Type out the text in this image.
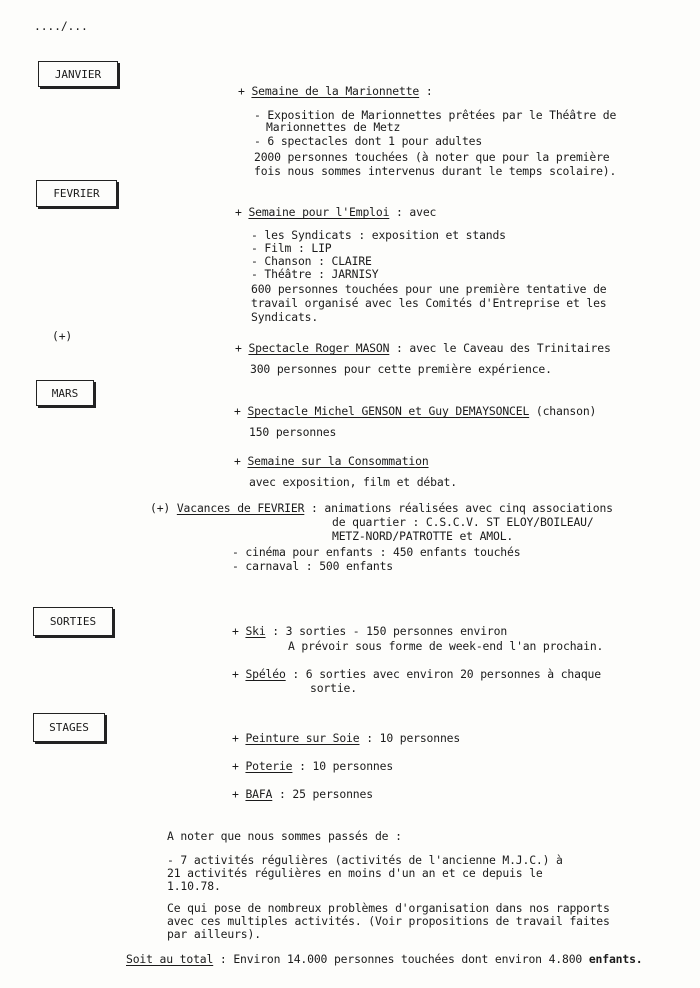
..../...
JANVIER
FEVRIER
MARS
SORTIES
STAGES
(+)
+ Semaine de la Marionnette :
- Exposition de Marionnettes prêtées par le Théâtre de
Marionnettes de Metz
- 6 spectacles dont 1 pour adultes
2000 personnes touchées (à noter que pour la première
fois nous sommes intervenus durant le temps scolaire).
+ Semaine pour l'Emploi : avec
- les Syndicats : exposition et stands
- Film : LIP
- Chanson : CLAIRE
- Théâtre : JARNISY
600 personnes touchées pour une première tentative de
travail organisé avec les Comités d'Entreprise et les
Syndicats.
+ Spectacle Roger MASON : avec le Caveau des Trinitaires
300 personnes pour cette première expérience.
+ Spectacle Michel GENSON et Guy DEMAYSONCEL (chanson)
150 personnes
+ Semaine sur la Consommation
avec exposition, film et débat.
(+) Vacances de FEVRIER : animations réalisées avec cinq associations
de quartier : C.S.C.V. ST ELOY/BOILEAU/
METZ-NORD/PATROTTE et AMOL.
- cinéma pour enfants : 450 enfants touchés
- carnaval : 500 enfants
+ Ski : 3 sorties - 150 personnes environ
A prévoir sous forme de week-end l'an prochain.
+ Spéléo : 6 sorties avec environ 20 personnes à chaque
sortie.
+ Peinture sur Soie : 10 personnes
+ Poterie : 10 personnes
+ BAFA : 25 personnes
A noter que nous sommes passés de :
- 7 activités régulières (activités de l'ancienne M.J.C.) à
21 activités régulières en moins d'un an et ce depuis le
1.10.78.
Ce qui pose de nombreux problèmes d'organisation dans nos rapports
avec ces multiples activités. (Voir propositions de travail faites
par ailleurs).
Soit au total : Environ 14.000 personnes touchées dont environ 4.800 enfants.
